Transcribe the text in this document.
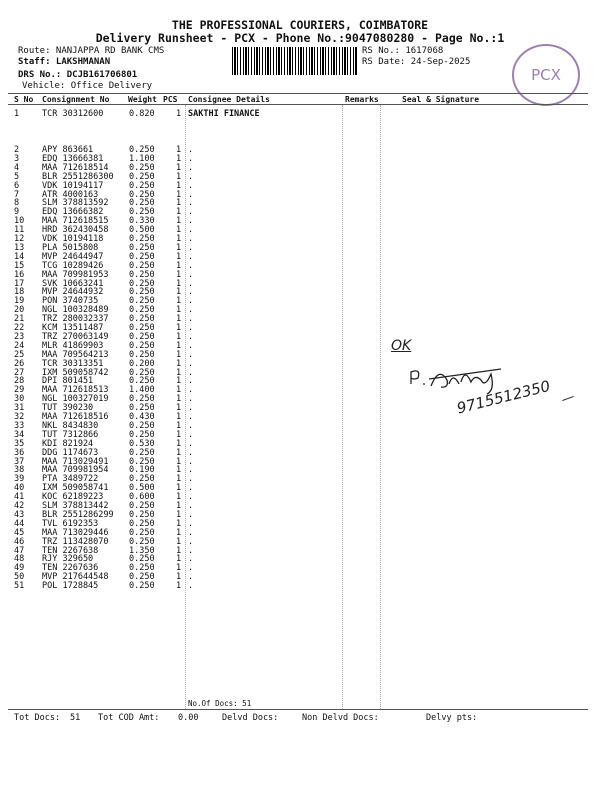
THE PROFESSIONAL COURIERS, COIMBATORE
Delivery Runsheet - PCX - Phone No.:9047080280 - Page No.:1
Route: NANJAPPA RD BANK CMS
Staff: LAKSHMANAN
DRS No.: DCJB161706801
Vehicle: Office Delivery
RS No.: 1617068
RS Date: 24-Sep-2025
PCX
S No Consignment No Weight PCS Consignee Details	Remarks	Seal & Signature
1	TCR 30312600	0.820	1 SAKTHI FINANCE
2	APY 863661	0.250	1 .
3	EDQ 13666381	1.100	1 .
4	MAA 712618514 0.250	1 .
5	BLR 2551286300 0.250	1 .
6	VDK 10194117	0.250	1 .
7	ATR 4000163	0.250	1 .
8	SLM 378813592 0.250	1 .
9	EDQ 13666382	0.250	1 .
10 MAA 712618515 0.330	1 .
11 HRD 362430458 0.500	1 .
12 VDK 10194118	0.250	1 .
13 PLA 5015808	0.250	1 .
14 MVP 24644947	0.250	1 .
15 TCG 10289426	0.250	1 .
16 MAA 709981953 0.250	1 .
17 SVK 10663241	0.250	1 .
18 MVP 24644932	0.250	1 .
19 PON 3740735	0.250	1 .
20 NGL 100328489 0.250	1 .
21 TRZ 280032337 0.250	1 .
22 KCM 13511487	0.250	1 .
23 TRZ 270063149 0.250	1 .
24 MLR 41869903	0.250	1 .
25 MAA 709564213 0.250	1 .
26 TCR 30313351	0.200	1 .
27 IXM 509058742 0.250	1 .
28 DPI 801451	0.250	1 .
29 MAA 712618513 1.400	1 .
30 NGL 100327019 0.250	1 .
31 TUT 390230	0.250	1 .
32 MAA 712618516 0.430	1 .
33 NKL 8434830	0.250	1 .
34 TUT 7312866	0.250	1 .
35 KDI 821924	0.530	1 .
36 DDG 1174673	0.250	1 .
37 MAA 713029491 0.250	1 .
38 MAA 709981954 0.190	1 .
39 PTA 3489722	0.250	1 .
40 IXM 509058741 0.500	1 .
41 KOC 62189223	0.600	1 .
42 SLM 378813442 0.250	1 .
43 BLR 2551286299 0.250	1 .
44 TVL 6192353	0.250	1 .
45 MAA 713029446 0.250	1 .
46 TRZ 113428070 0.250	1 .
47 TEN 2267638	1.350	1 .
48 RJY 329650	0.250	1 .
49 TEN 2267636	0.250	1 .
50 MVP 217644548 0.250	1 .
51 POL 1728845	0.250	1 .
No.Of Docs: 51
Tot Docs: 51 Tot COD Amt: 0.00	Delvd Docs:	Non Delvd Docs:	Delvy pts:
OK
9715512350
